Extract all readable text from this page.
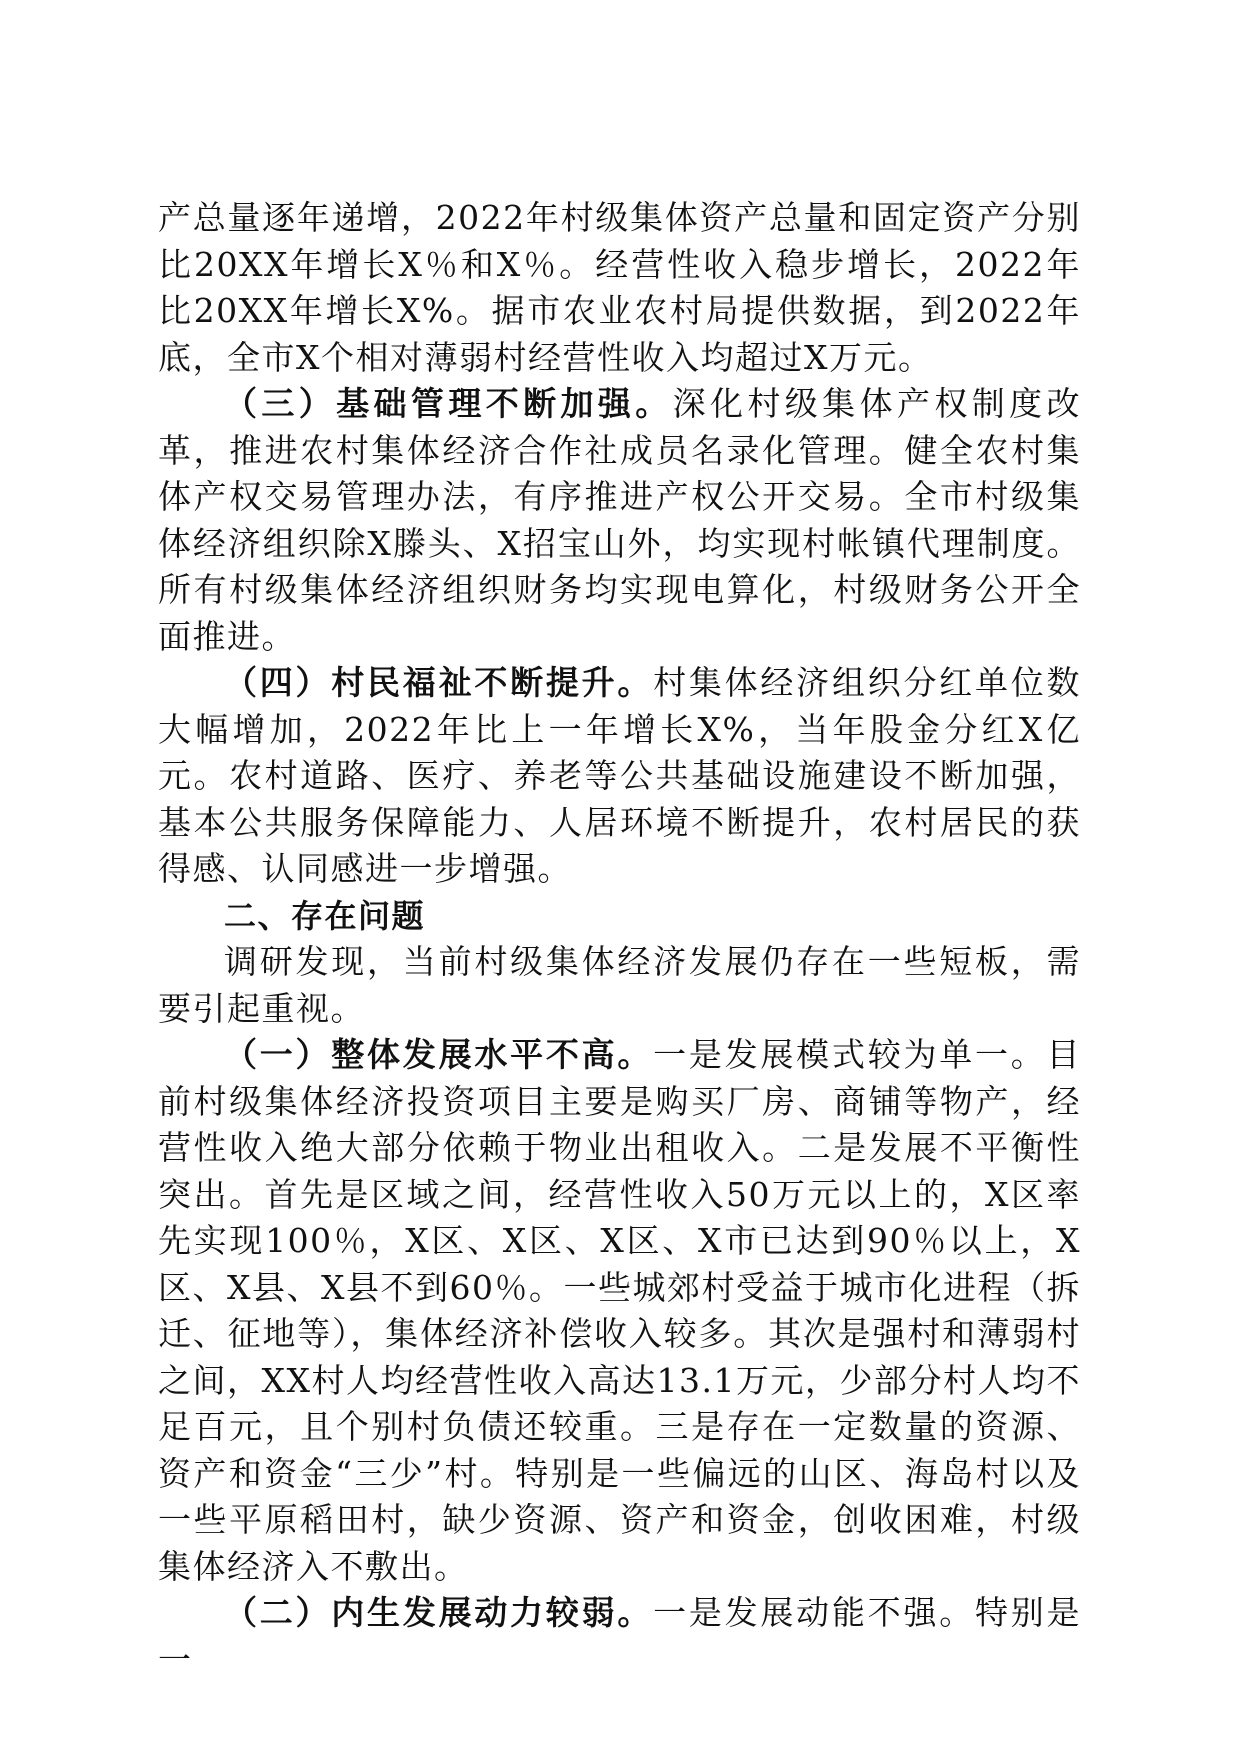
产总量逐年递增，2022年村级集体资产总量和固定资产分别比20XX年增长X％和X％。经营性收入稳步增长，2022年比20XX年增长X%。据市农业农村局提供数据，到2022年底，全市X个相对薄弱村经营性收入均超过X万元。

（三）基础管理不断加强。深化村级集体产权制度改革，推进农村集体经济合作社成员名录化管理。健全农村集体产权交易管理办法，有序推进产权公开交易。全市村级集体经济组织除X滕头、X招宝山外，均实现村帐镇代理制度。所有村级集体经济组织财务均实现电算化，村级财务公开全面推进。

（四）村民福祉不断提升。村集体经济组织分红单位数大幅增加，2022年比上一年增长X%，当年股金分红X亿元。农村道路、医疗、养老等公共基础设施建设不断加强，基本公共服务保障能力、人居环境不断提升，农村居民的获得感、认同感进一步增强。

二、存在问题

调研发现，当前村级集体经济发展仍存在一些短板，需要引起重视。

（一）整体发展水平不高。一是发展模式较为单一。目前村级集体经济投资项目主要是购买厂房、商铺等物产，经营性收入绝大部分依赖于物业出租收入。二是发展不平衡性突出。首先是区域之间，经营性收入50万元以上的，X区率先实现100％，X区、X区、X区、X市已达到90％以上，X区、X县、X县不到60％。一些城郊村受益于城市化进程（拆迁、征地等），集体经济补偿收入较多。其次是强村和薄弱村之间，XX村人均经营性收入高达13.1万元，少部分村人均不足百元，且个别村负债还较重。三是存在一定数量的资源、资产和资金“三少”村。特别是一些偏远的山区、海岛村以及一些平原稻田村，缺少资源、资产和资金，创收困难，村级集体经济入不敷出。

（二）内生发展动力较弱。一是发展动能不强。特别是一
